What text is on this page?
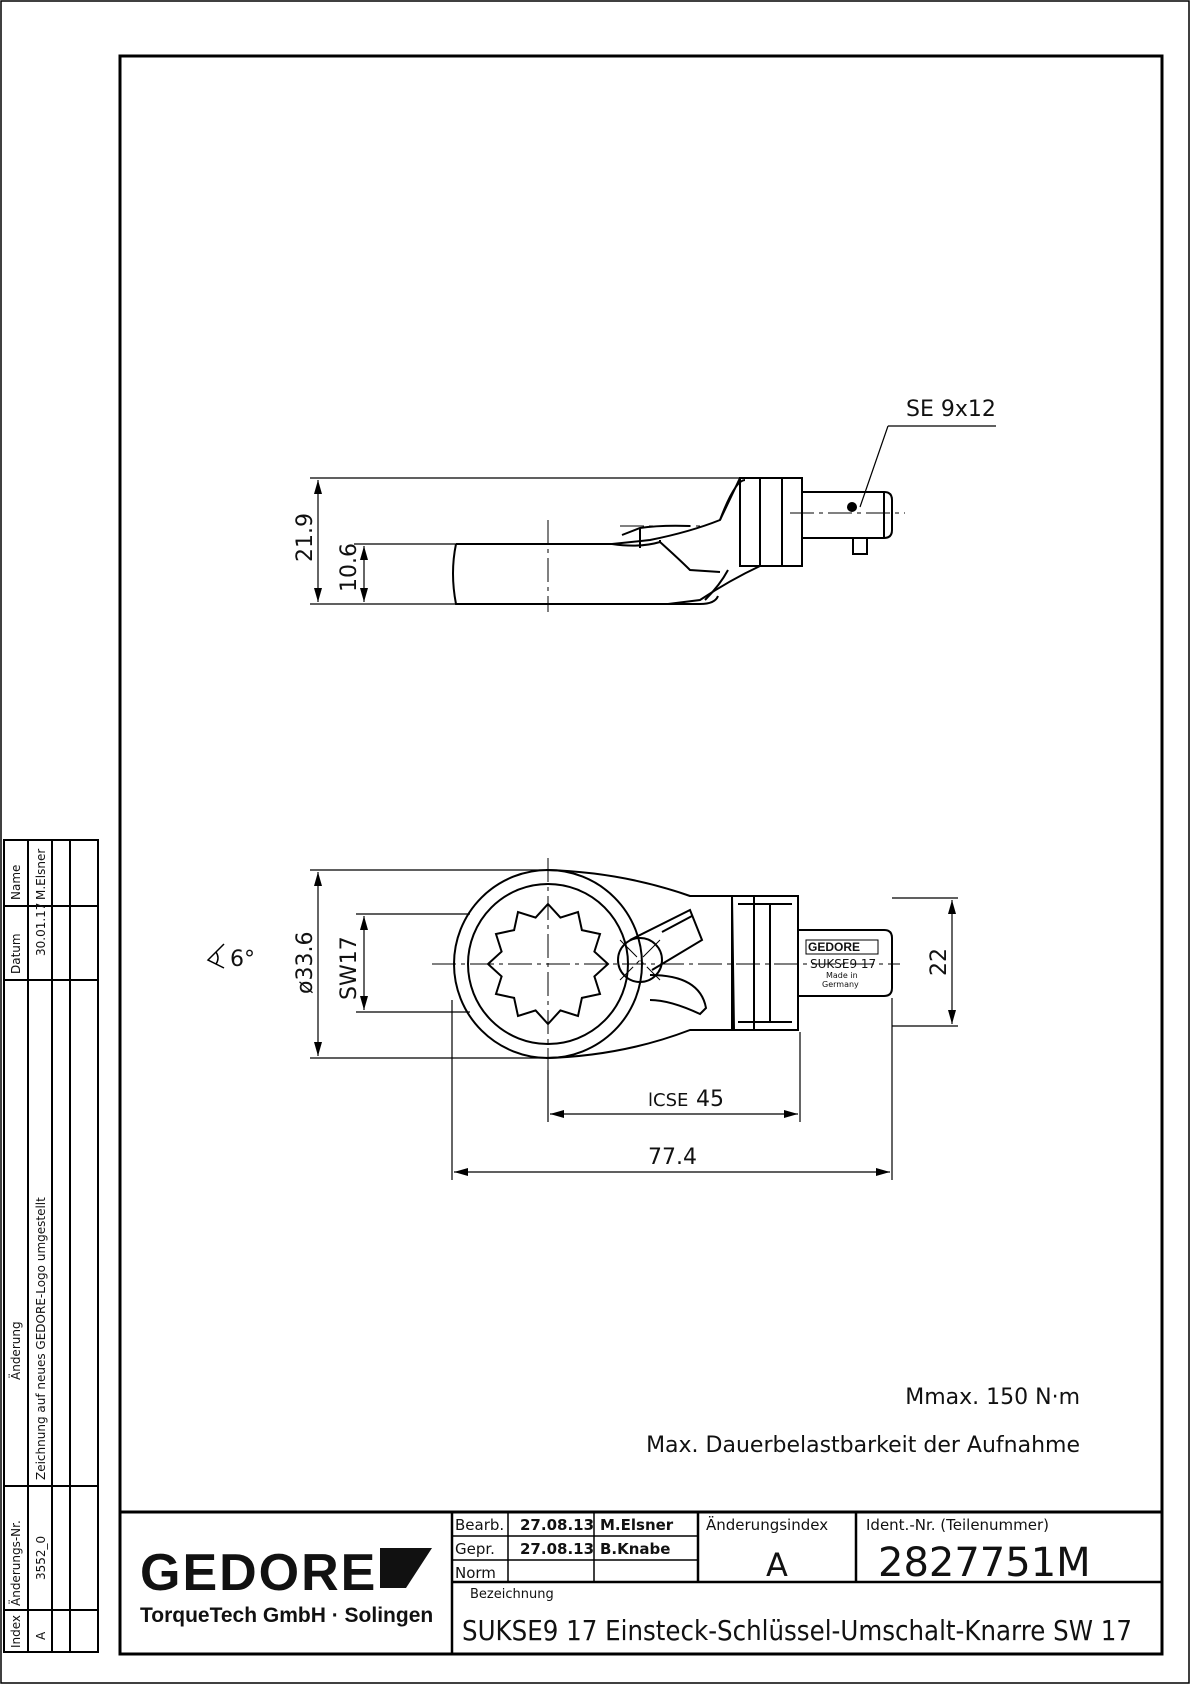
Index
Änderungs-Nr.
Änderung
Datum
Name
A
3552_0
Zeichnung auf neues GEDORE-Logo umgestellt
30.01.17
M.Elsner
21.9
10.6
SE 9x12
GEDORE
SUKSE9 17
Made in
Germany
6° ø33.6 SW17	22
lCSE 45
77.4
Mmax. 150 N·m
Max. Dauerbelastbarkeit der Aufnahme
GEDORE
TorqueTech GmbH · Solingen
Bearb. 27.08.13 M.Elsner
Gepr. 27.08.13 B.Knabe
Norm
Änderungsindex
A
Ident.-Nr. (Teilenummer)
2827751M
Bezeichnung
SUKSE9 17 Einsteck-Schlüssel-Umschalt-Knarre SW 17
